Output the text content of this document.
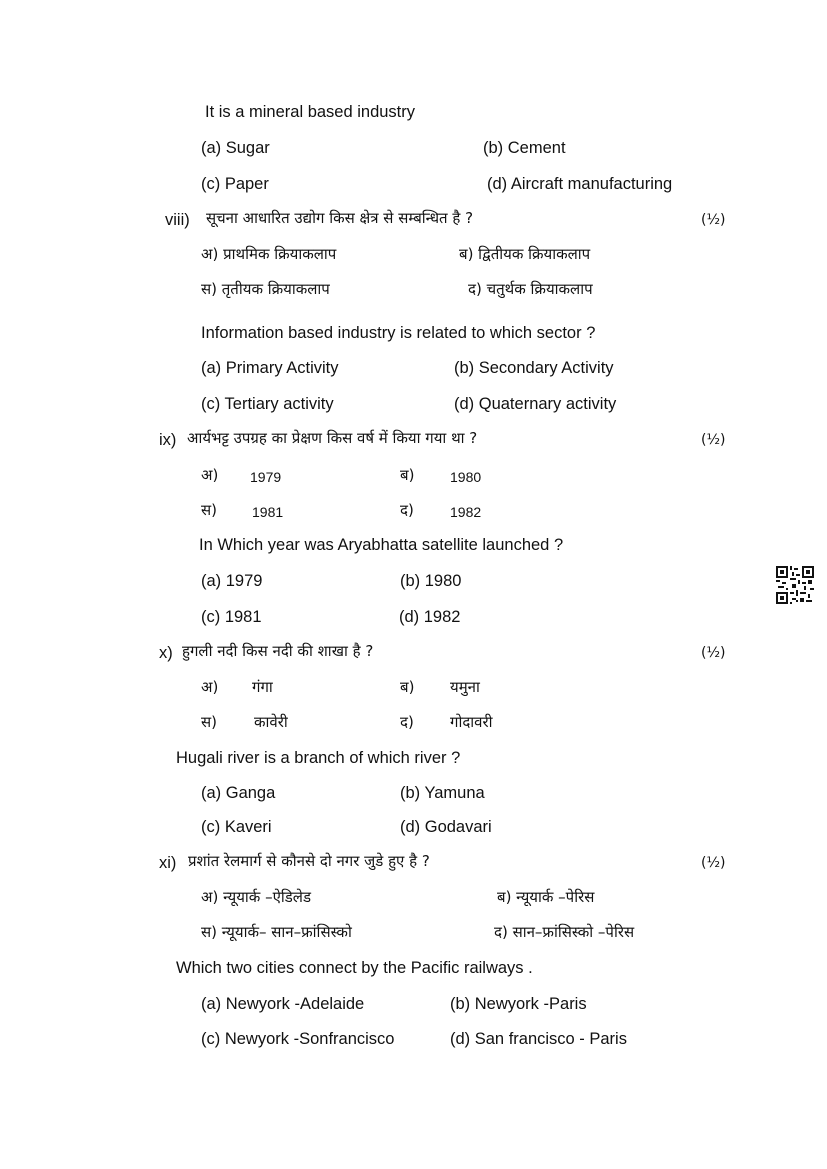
It is a mineral based industry
(a) Sugar	(b) Cement
(c) Paper	(d) Aircraft manufacturing
viii) सूचना आधारित उद्योग किस क्षेत्र से सम्बन्धित है ?	(½)
अ) प्राथमिक क्रियाकलाप	ब) द्वितीयक क्रियाकलाप
स) तृतीयक क्रियाकलाप	द) चतुर्थक क्रियाकलाप
Information based industry is related to which sector ?
(a) Primary Activity	(b) Secondary Activity
(c) Tertiary activity	(d) Quaternary activity
ix) आर्यभट्ट उपग्रह का प्रेक्षण किस वर्ष में किया गया था ?	(½)
अ) 1979	ब)	1980
स)	1981	द)	1982
In Which year was Aryabhatta satellite launched ?
(a) 1979	(b) 1980
(c) 1981	(d) 1982
x) हुगली नदी किस नदी की शाखा है ?	(½)
अ) गंगा	ब) यमुना
स) कावेरी	द) गोदावरी
Hugali river is a branch of which river ?
(a) Ganga	(b) Yamuna
(c) Kaveri	(d) Godavari
xi) प्रशांत रेलमार्ग से कौनसे दो नगर जुडे हुए है ?	(½)
अ) न्यूयार्क –ऐडिलेड	ब) न्यूयार्क –पेरिस
स) न्यूयार्क– सान–फ्रांसिस्को	द) सान–फ्रांसिस्को –पेरिस
Which two cities connect by the Pacific railways .
(a) Newyork -Adelaide	(b) Newyork -Paris
(c) Newyork -Sonfrancisco	(d) San francisco - Paris
